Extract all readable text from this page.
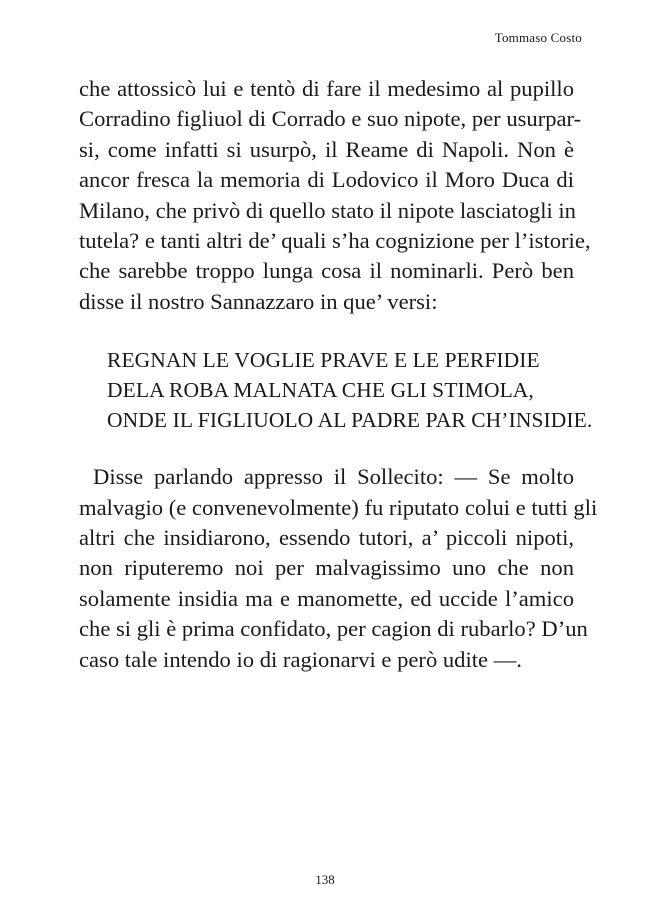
Tommaso Costo

che attossicò lui e tentò di fare il medesimo al pupillo
Corradino figliuol di Corrado e suo nipote, per usurpar-
si, come infatti si usurpò, il Reame di Napoli. Non è
ancor fresca la memoria di Lodovico il Moro Duca di
Milano, che privò di quello stato il nipote lasciatogli in
tutela? e tanti altri de’ quali s’ha cognizione per l’istorie,
che sarebbe troppo lunga cosa il nominarli. Però ben
disse il nostro Sannazzaro in que’ versi:

REGNAN LE VOGLIE PRAVE E LE PERFIDIE
DELA ROBA MALNATA CHE GLI STIMOLA,
ONDE IL FIGLIUOLO AL PADRE PAR CH’INSIDIE.

Disse parlando appresso il Sollecito: — Se molto
malvagio (e convenevolmente) fu riputato colui e tutti gli
altri che insidiarono, essendo tutori, a’ piccoli nipoti,
non riputeremo noi per malvagissimo uno che non
solamente insidia ma e manomette, ed uccide l’amico
che si gli è prima confidato, per cagion di rubarlo? D’un
caso tale intendo io di ragionarvi e però udite —.

138
